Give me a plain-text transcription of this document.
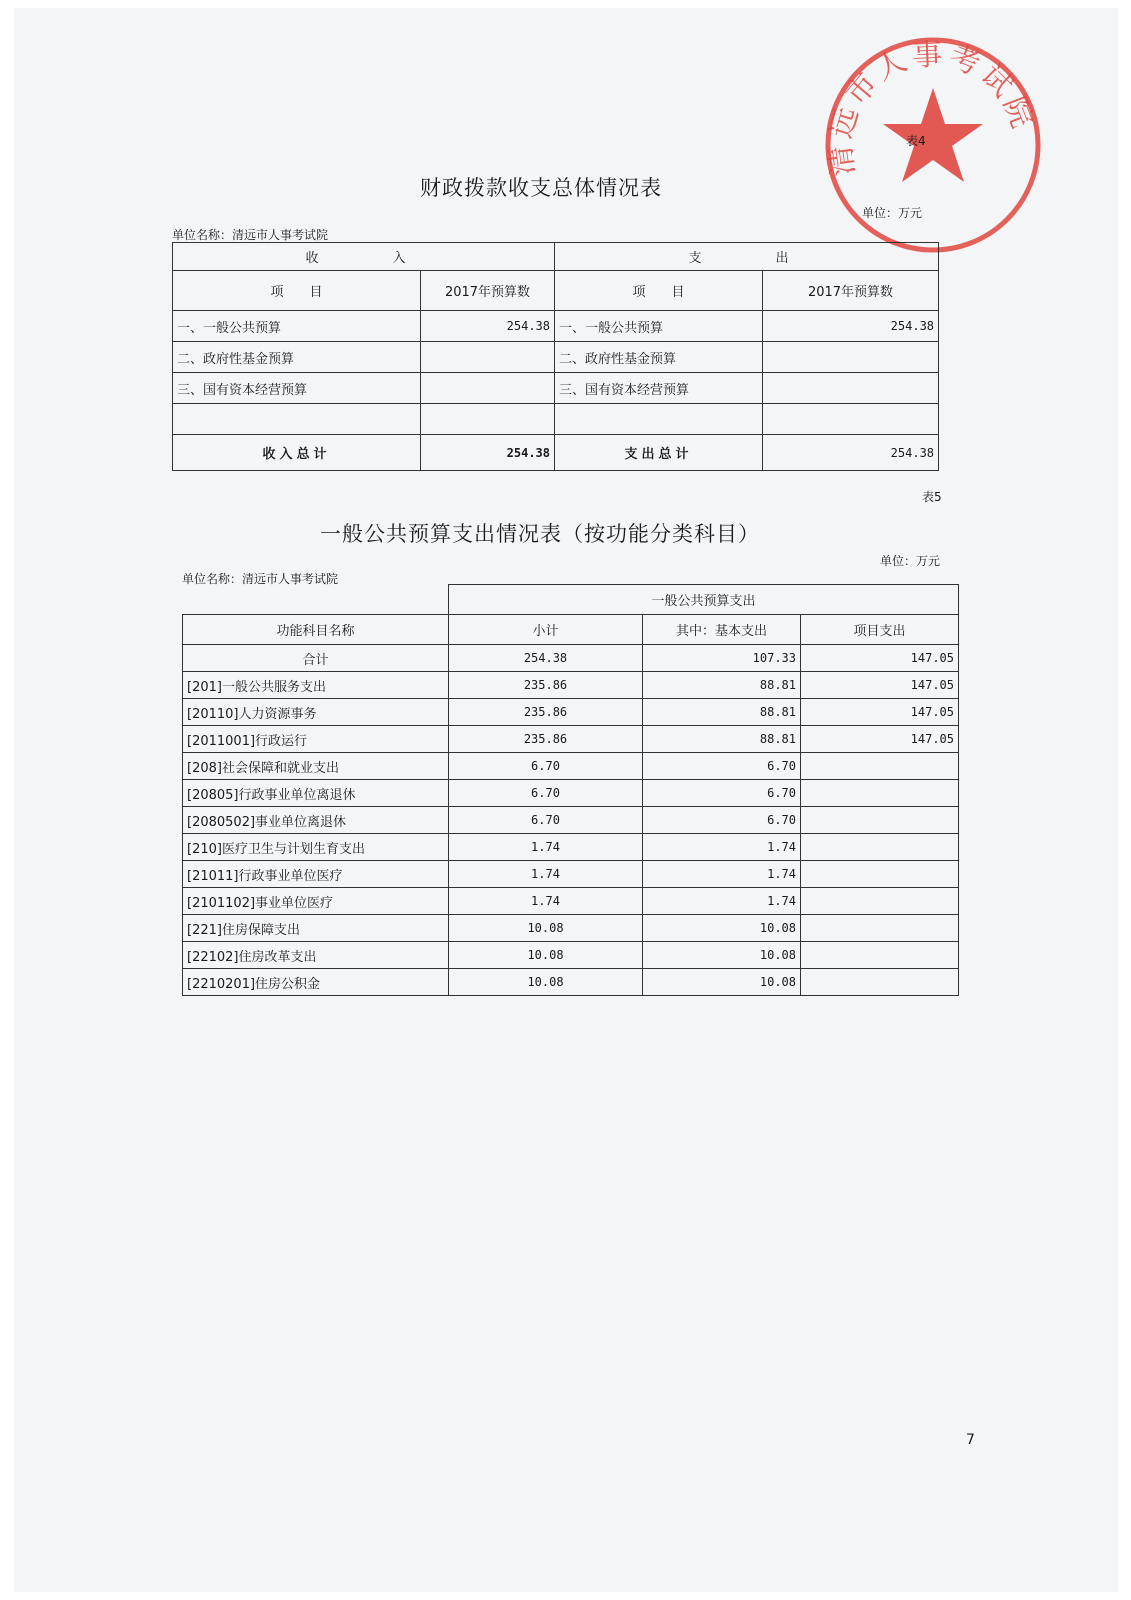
清远市人事考试院
表4
财政拨款收支总体情况表
单位：万元
单位名称：清远市人事考试院
收　　入		支　　出	
项　　目	2017年预算数	项　　目	2017年预算数
一、一般公共预算	254.38	一、一般公共预算	254.38
二、政府性基金预算		二、政府性基金预算	
三、国有资本经营预算		三、国有资本经营预算	

收入总计	254.38	支出总计	254.38
表5
一般公共预算支出情况表（按功能分类科目）
单位：万元
单位名称：清远市人事考试院
	一般公共预算支出		
功能科目名称	小计	其中：基本支出	项目支出
合计	254.38	107.33	147.05
[201]一般公共服务支出	235.86	88.81	147.05
[20110]人力资源事务	235.86	88.81	147.05
[2011001]行政运行	235.86	88.81	147.05
[208]社会保障和就业支出	6.70	6.70	
[20805]行政事业单位离退休	6.70	6.70	
[2080502]事业单位离退休	6.70	6.70	
[210]医疗卫生与计划生育支出	1.74	1.74	
[21011]行政事业单位医疗	1.74	1.74	
[2101102]事业单位医疗	1.74	1.74	
[221]住房保障支出	10.08	10.08	
[22102]住房改革支出	10.08	10.08	
[2210201]住房公积金	10.08	10.08	
7
